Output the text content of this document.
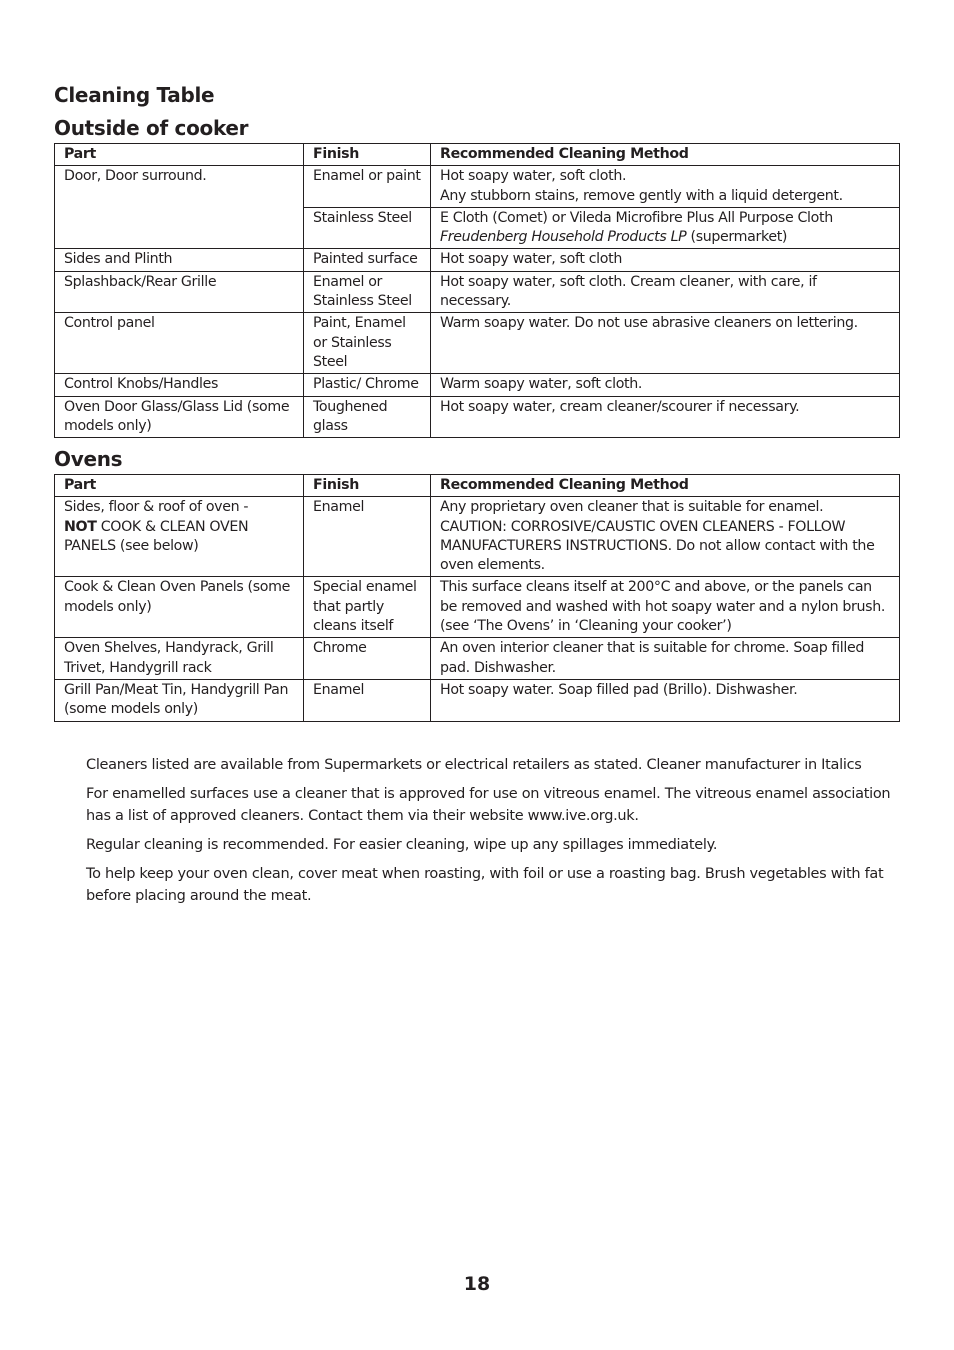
Cleaning Table
Outside of cooker
Part	Finish	Recommended Cleaning Method
Door, Door surround.	Enamel or paint	Hot soapy water, soft cloth.
Any stubborn stains, remove gently with a liquid detergent.

	Stainless Steel	E Cloth (Comet) or Vileda Microfibre Plus All Purpose Cloth
Freudenberg Household Products LP (supermarket)

Sides and Plinth	Painted surface	Hot soapy water, soft cloth
Splashback/Rear Grille	Enamel or Stainless Steel	Hot soapy water, soft cloth. Cream cleaner, with care, if necessary.
Control panel	Paint, Enamel or Stainless Steel	Warm soapy water. Do not use abrasive cleaners on lettering.
Control Knobs/Handles	Plastic/ Chrome	Warm soapy water, soft cloth.
Oven Door Glass/Glass Lid (some models only)	Toughened glass	Hot soapy water, cream cleaner/scourer if necessary.
Ovens
Part	Finish	Recommended Cleaning Method

Sides, floor & roof of oven -
NOT COOK & CLEAN OVEN PANELS (see below)	Enamel	Any proprietary oven cleaner that is suitable for enamel. CAUTION: CORROSIVE/CAUSTIC OVEN CLEANERS - FOLLOW MANUFACTURERS INSTRUCTIONS. Do not allow contact with the oven elements.
Cook & Clean Oven Panels (some models only)	Special enamel that partly cleans itself	This surface cleans itself at 200°C and above, or the panels can be removed and washed with hot soapy water and a nylon brush. (see ‘The Ovens’ in ‘Cleaning your cooker’)
Oven Shelves, Handyrack, Grill Trivet, Handygrill rack	Chrome	An oven interior cleaner that is suitable for chrome. Soap filled pad. Dishwasher.
Grill Pan/Meat Tin, Handygrill Pan (some models only)	Enamel	Hot soapy water. Soap filled pad (Brillo). Dishwasher.

Cleaners listed are available from Supermarkets or electrical retailers as stated. Cleaner manufacturer in Italics

For enamelled surfaces use a cleaner that is approved for use on vitreous enamel. The vitreous enamel association has a list of approved cleaners. Contact them via their website www.ive.org.uk.

Regular cleaning is recommended. For easier cleaning, wipe up any spillages immediately.

To help keep your oven clean, cover meat when roasting, with foil or use a roasting bag. Brush vegetables with fat before placing around the meat.

18
